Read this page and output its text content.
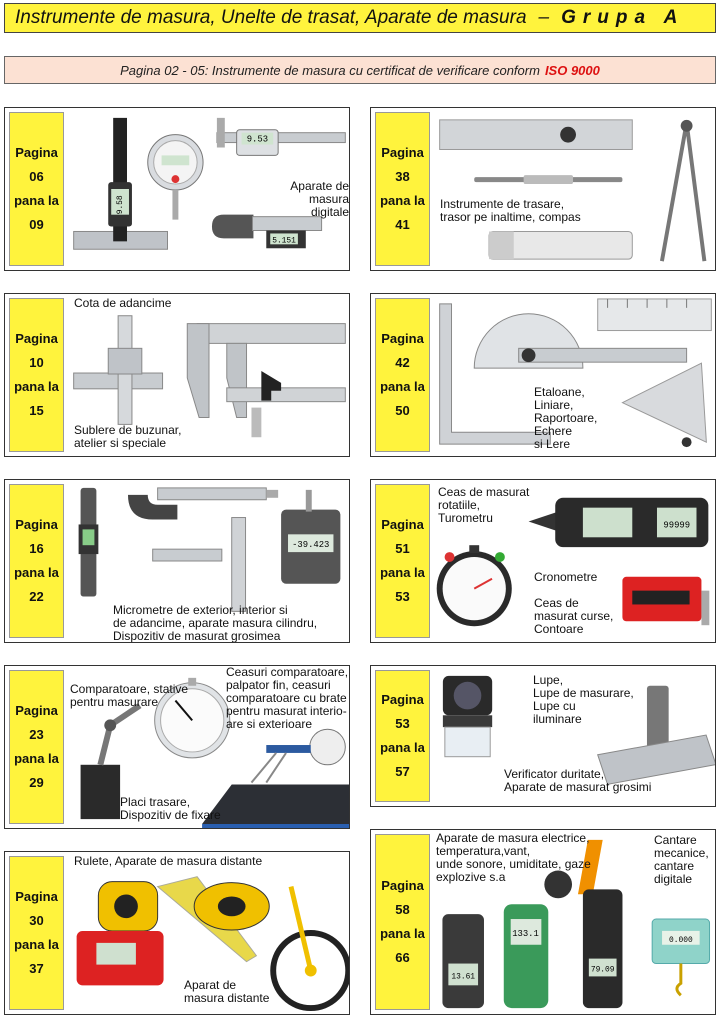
Instrumente de masura, Unelte de trasat, Aparate de masura – Grupa A
Pagina 02 - 05: Instrumente de masura cu certificat de verificare conform ISO 9000
Pagina
06
pana la
09
9.58
9.53
5.151
Aparate de
masura digitale
Pagina
38
pana la
41
Instrumente de trasare,
trasor pe inaltime, compas
Pagina
10
pana la
15
Cota de adancime
Sublere de buzunar,
atelier si speciale
Pagina
42
pana la
50
Etaloane,
Liniare,
Raportoare,
Echere
si Lere
Pagina
16
pana la
22
-39.423
Micrometre de exterior, interior si
de adancime, aparate masura cilindru,
Dispozitiv de masurat grosimea
Pagina
51
pana la
53
99999
Ceas de masurat
rotatiile,
Turometru
Cronometre
Ceas de
masurat curse,
Contoare
Pagina
23
pana la
29
Comparatoare, stative
pentru masurare
Ceasuri comparatoare,
palpator fin, ceasuri
comparatoare cu brate
pentru masurat interio-
are si exterioare
Placi trasare,
Dispozitiv de fixare
Pagina
53
pana la
57
Lupe,
Lupe de masurare,
Lupe cu
iluminare
Verificator duritate,
Aparate de masurat grosimi
Pagina
30
pana la
37
Rulete, Aparate de masura distante
Aparat de
masura distante
Pagina
58
pana la
66
13.61
133.1
79.09
0.000
Aparate de masura electrice,
temperatura,vant,
unde sonore, umiditate, gaze
explozive s.a
Cantare
mecanice,
cantare
digitale
